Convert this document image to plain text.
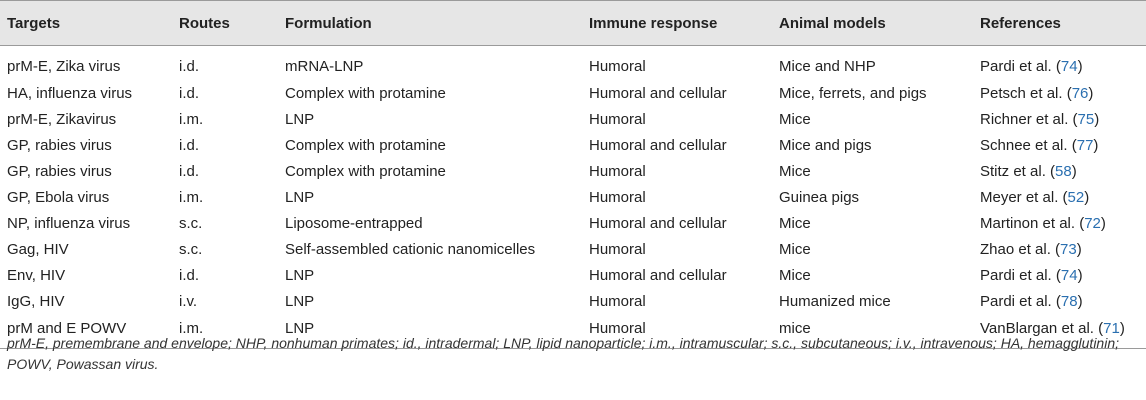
Targets	Routes	Formulation	Immune response	Animal models	References
prM-E, Zika virus	i.d.	mRNA-LNP	Humoral	Mice and NHP	Pardi et al. (74)
HA, influenza virus	i.d.	Complex with protamine	Humoral and cellular	Mice, ferrets, and pigs	Petsch et al. (76)
prM-E, Zikavirus	i.m.	LNP	Humoral	Mice	Richner et al. (75)
GP, rabies virus	i.d.	Complex with protamine	Humoral and cellular	Mice and pigs	Schnee et al. (77)
GP, rabies virus	i.d.	Complex with protamine	Humoral	Mice	Stitz et al. (58)
GP, Ebola virus	i.m.	LNP	Humoral	Guinea pigs	Meyer et al. (52)
NP, influenza virus	s.c.	Liposome-entrapped	Humoral and cellular	Mice	Martinon et al. (72)
Gag, HIV	s.c.	Self-assembled cationic nanomicelles	Humoral	Mice	Zhao et al. (73)
Env, HIV	i.d.	LNP	Humoral and cellular	Mice	Pardi et al. (74)
IgG, HIV	i.v.	LNP	Humoral	Humanized mice	Pardi et al. (78)
prM and E POWV	i.m.	LNP	Humoral	mice	VanBlargan et al. (71)
prM-E, premembrane and envelope; NHP, nonhuman primates; id., intradermal; LNP, lipid nanoparticle; i.m., intramuscular; s.c., subcutaneous; i.v., intravenous; HA, hemagglutinin; POWV, Powassan virus.
